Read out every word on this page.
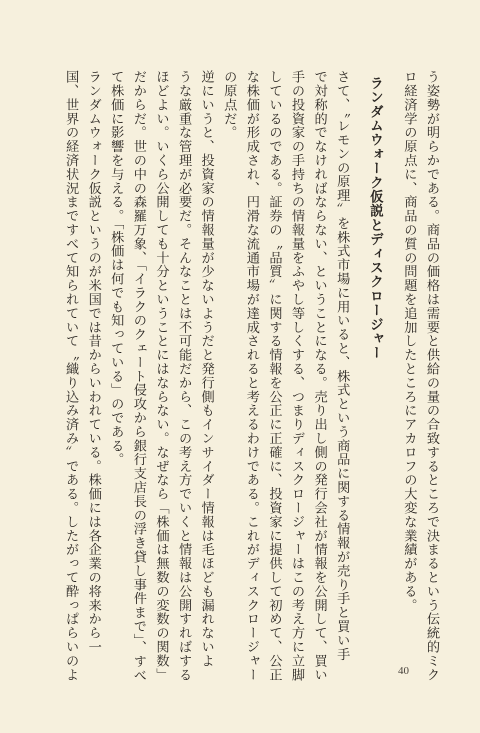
う姿勢が明らかである。商品の価格は需要と供給の量の合致するところで決まるという伝統的ミク
ロ経済学の原点に、商品の質の問題を追加したところにアカロフの大変な業績がある。
ランダムウォーク仮説とディスクロージャー
さて、〝レモンの原理〟を株式市場に用いると、株式という商品に関する情報が売り手と買い手
で対称的でなければならない、ということになる。売り出し側の発行会社が情報を公開して、買い
手の投資家の手持ちの情報量をふやし等しくする、つまりディスクロージャーはこの考え方に立脚
しているのである。証券の〝品質〟に関する情報を公正に正確に、投資家に提供して初めて、公正
な株価が形成され、円滑な流通市場が達成されると考えるわけである。これがディスクロージャー
の原点だ。
逆にいうと、投資家の情報量が少ないようだと発行側もインサイダー情報は毛ほども漏れないよ
うな厳重な管理が必要だ。そんなことは不可能だから、この考え方でいくと情報は公開すればする
ほどよい。いくら公開しても十分ということにはならない。なぜなら「株価は無数の変数の関数」
だからだ。世の中の森羅万象、「イラクのクェート侵攻から銀行支店長の浮き貸し事件まで」、すべ
て株価に影響を与える。「株価は何でも知っている」のである。
ランダムウォーク仮説というのが米国では昔からいわれている。株価には各企業の将来から一
国、世界の経済状況まですべて知られていて〝織り込み済み〟である。したがって酔っぱらいのよ	40
